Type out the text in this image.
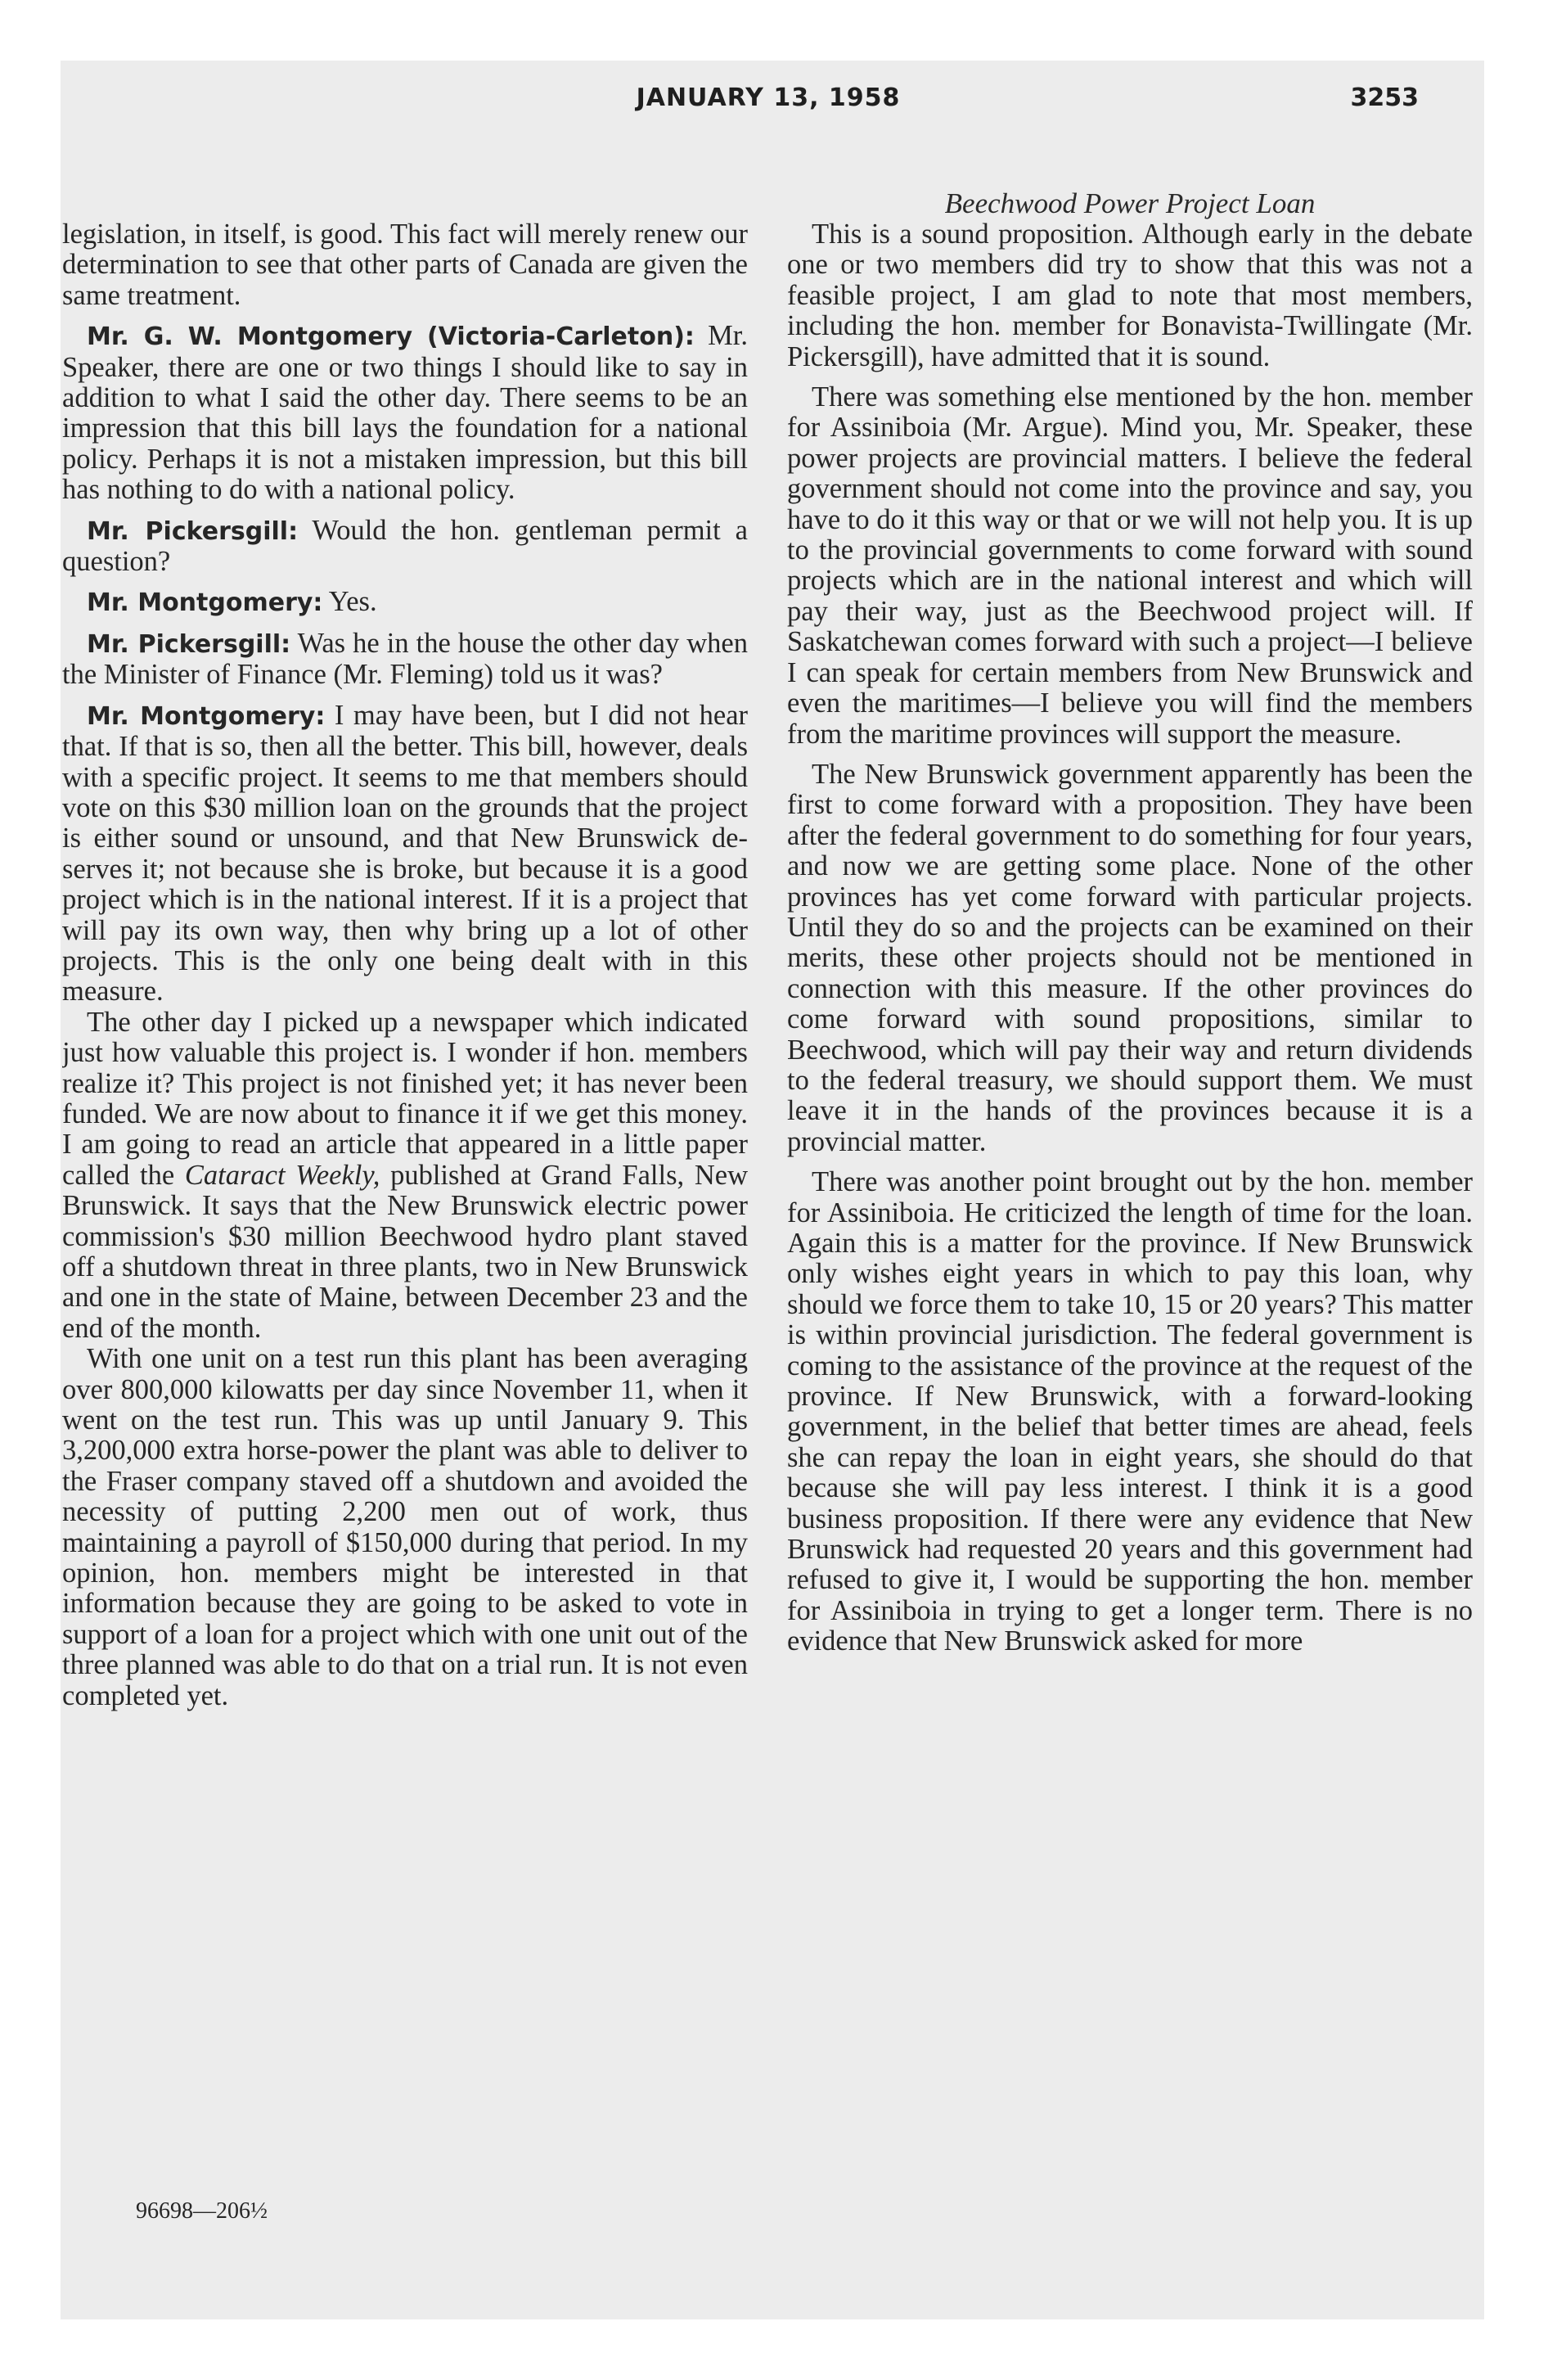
JANUARY 13, 1958	3253

legislation, in itself, is good. This fact will merely renew our determination to see that other parts of Canada are given the same treatment.

Mr. G. W. Montgomery (Victoria-Carleton): Mr. Speaker, there are one or two things I should like to say in addition to what I said the other day. There seems to be an impression that this bill lays the foundation for a national policy. Perhaps it is not a mistaken impression, but this bill has nothing to do with a national policy.

Mr. Pickersgill: Would the hon. gentleman permit a question?

Mr. Montgomery: Yes.

Mr. Pickersgill: Was he in the house the other day when the Minister of Finance (Mr. Fleming) told us it was?

Mr. Montgomery: I may have been, but I did not hear that. If that is so, then all the better. This bill, however, deals with a specific project. It seems to me that members should vote on this $30 million loan on the grounds that the project is either sound or unsound, and that New Brunswick deserves it; not because she is broke, but because it is a good project which is in the national interest. If it is a project that will pay its own way, then why bring up a lot of other projects. This is the only one being dealt with in this measure.

The other day I picked up a newspaper which indicated just how valuable this project is. I wonder if hon. members realize it? This project is not finished yet; it has never been funded. We are now about to finance it if we get this money. I am going to read an article that appeared in a little paper called the Cataract Weekly, published at Grand Falls, New Brunswick. It says that the New Brunswick electric power commission's $30 million Beechwood hydro plant staved off a shutdown threat in three plants, two in New Brunswick and one in the state of Maine, between December 23 and the end of the month.

With one unit on a test run this plant has been averaging over 800,000 kilowatts per day since November 11, when it went on the test run. This was up until January 9. This 3,200,000 extra horse-power the plant was able to deliver to the Fraser company staved off a shutdown and avoided the necessity of putting 2,200 men out of work, thus maintaining a payroll of $150,000 during that period. In my opinion, hon. members might be interested in that information because they are going to be asked to vote in support of a loan for a project which with one unit out of the three planned was able to do that on a trial run. It is not even completed yet.

Beechwood Power Project Loan

This is a sound proposition. Although early in the debate one or two members did try to show that this was not a feasible project, I am glad to note that most members, including the hon. member for Bonavista-Twillingate (Mr. Pickersgill), have admitted that it is sound.

There was something else mentioned by the hon. member for Assiniboia (Mr. Argue). Mind you, Mr. Speaker, these power projects are provincial matters. I believe the federal government should not come into the province and say, you have to do it this way or that or we will not help you. It is up to the provincial governments to come forward with sound projects which are in the national interest and which will pay their way, just as the Beechwood project will. If Saskatchewan comes forward with such a project—I believe I can speak for certain members from New Brunswick and even the maritimes—I believe you will find the members from the maritime provinces will support the measure.

The New Brunswick government apparently has been the first to come forward with a proposition. They have been after the federal government to do something for four years, and now we are getting some place. None of the other provinces has yet come forward with particular projects. Until they do so and the projects can be examined on their merits, these other projects should not be mentioned in connection with this measure. If the other provinces do come forward with sound propositions, similar to Beechwood, which will pay their way and return dividends to the federal treasury, we should support them. We must leave it in the hands of the provinces because it is a provincial matter.

There was another point brought out by the hon. member for Assiniboia. He criticized the length of time for the loan. Again this is a matter for the province. If New Brunswick only wishes eight years in which to pay this loan, why should we force them to take 10, 15 or 20 years? This matter is within provincial jurisdiction. The federal government is coming to the assistance of the province at the request of the province. If New Brunswick, with a forward-looking government, in the belief that better times are ahead, feels she can repay the loan in eight years, she should do that because she will pay less interest. I think it is a good business proposition. If there were any evidence that New Brunswick had requested 20 years and this government had refused to give it, I would be supporting the hon. member for Assiniboia in trying to get a longer term. There is no evidence that New Brunswick asked for more

96698—206½
